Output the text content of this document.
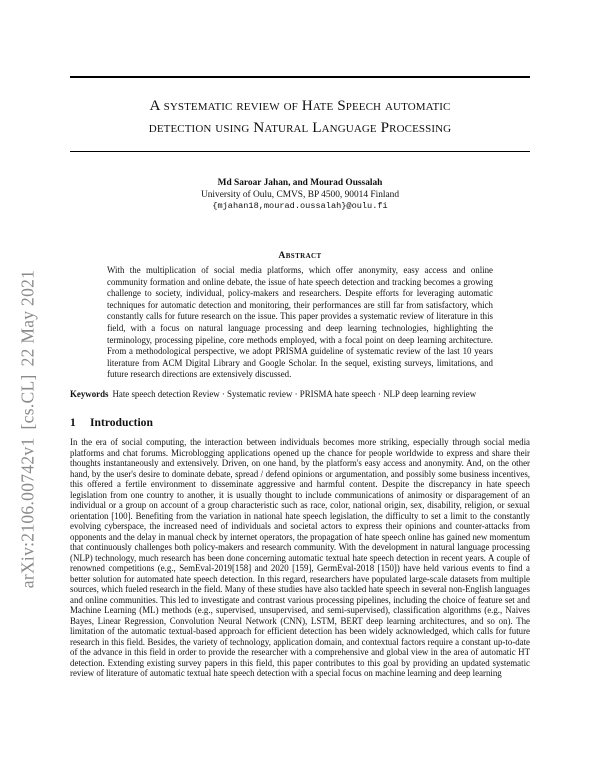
arXiv:2106.00742v1[cs.CL]22 May 2021
A systematic review of Hate Speech automatic
detection using Natural Language Processing
Md Saroar Jahan, and Mourad Oussalah
University of Oulu, CMVS, BP 4500, 90014 Finland
{mjahan18,mourad.oussalah}@oulu.fi
Abstract
With the multiplication of social media platforms, which offer anonymity, easy access and online community formation and online debate, the issue of hate speech detection and tracking becomes a growing challenge to society, individual, policy-makers and researchers. Despite efforts for leveraging automatic techniques for automatic detection and monitoring, their performances are still far from satisfactory, which constantly calls for future research on the issue. This paper provides a systematic review of literature in this field, with a focus on natural language processing and deep learning technologies, highlighting the terminology, processing pipeline, core methods employed, with a focal point on deep learning architecture. From a methodological perspective, we adopt PRISMA guideline of systematic review of the last 10 years literature from ACM Digital Library and Google Scholar. In the sequel, existing surveys, limitations, and future research directions are extensively discussed.
Keywords Hate speech detection Review · Systematic review · PRISMA hate speech · NLP deep learning review
1 Introduction
In the era of social computing, the interaction between individuals becomes more striking, especially through social media platforms and chat forums. Microblogging applications opened up the chance for people worldwide to express and share their thoughts instantaneously and extensively. Driven, on one hand, by the platform's easy access and anonymity. And, on the other hand, by the user's desire to dominate debate, spread / defend opinions or argumentation, and possibly some business incentives, this offered a fertile environment to disseminate aggressive and harmful content. Despite the discrepancy in hate speech legislation from one country to another, it is usually thought to include communications of animosity or disparagement of an individual or a group on account of a group characteristic such as race, color, national origin, sex, disability, religion, or sexual orientation [100]. Benefiting from the variation in national hate speech legislation, the difficulty to set a limit to the constantly evolving cyberspace, the increased need of individuals and societal actors to express their opinions and counter-attacks from opponents and the delay in manual check by internet operators, the propagation of hate speech online has gained new momentum that continuously challenges both policy-makers and research community. With the development in natural language processing (NLP) technology, much research has been done concerning automatic textual hate speech detection in recent years. A couple of renowned competitions (e.g., SemEval-2019[158] and 2020 [159], GermEval-2018 [150]) have held various events to find a better solution for automated hate speech detection. In this regard, researchers have populated large-scale datasets from multiple sources, which fueled research in the field. Many of these studies have also tackled hate speech in several non-English languages and online communities. This led to investigate and contrast various processing pipelines, including the choice of feature set and Machine Learning (ML) methods (e.g., supervised, unsupervised, and semi-supervised), classification algorithms (e.g., Naives Bayes, Linear Regression, Convolution Neural Network (CNN), LSTM, BERT deep learning architectures, and so on). The limitation of the automatic textual-based approach for efficient detection has been widely acknowledged, which calls for future research in this field. Besides, the variety of technology, application domain, and contextual factors require a constant up-to-date of the advance in this field in order to provide the researcher with a comprehensive and global view in the area of automatic HT detection. Extending existing survey papers in this field, this paper contributes to this goal by providing an updated systematic review of literature of automatic textual hate speech detection with a special focus on machine learning and deep learning
